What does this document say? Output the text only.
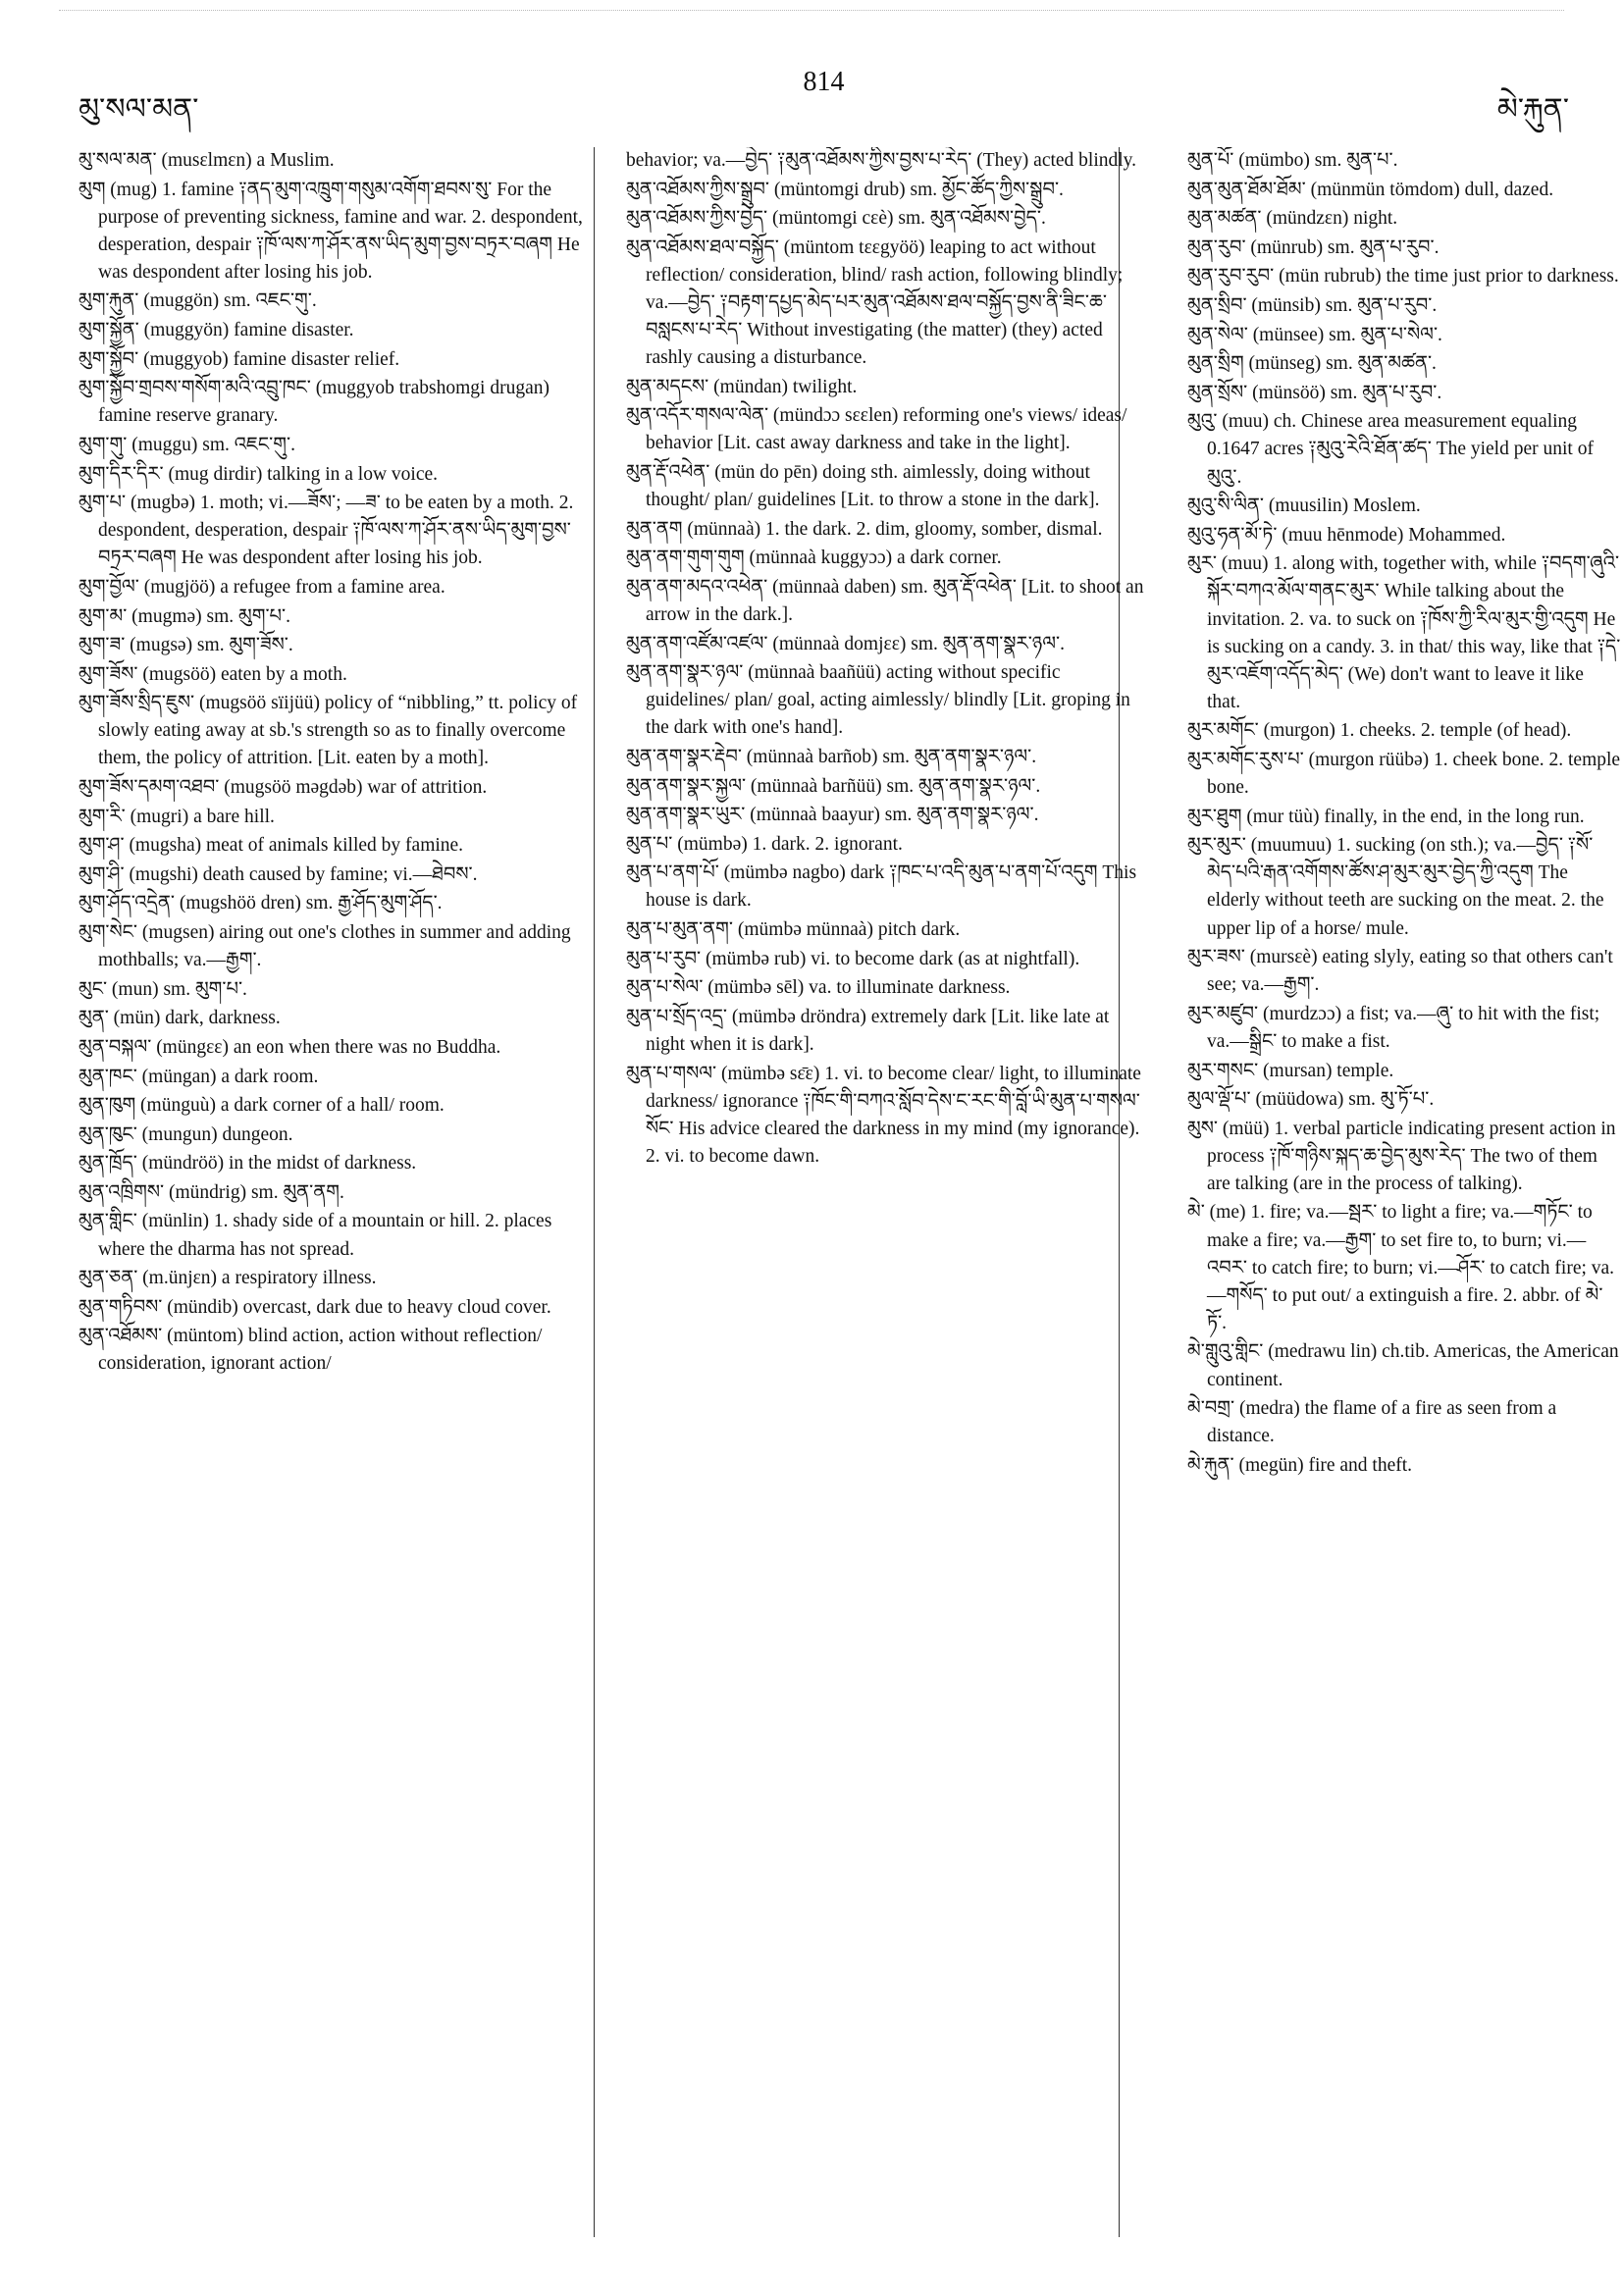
མུ་སལ་མན་
814
མེ་རྐུན་

མུ་སལ་མན་ (musɛlmɛn) a Muslim.

མུག (mug) 1. famine ༑ནད་མུག་འཁྲུག་གསུམ་འགོག་ཐབས་སུ་ For the purpose of preventing sickness, famine and war. 2. despondent, desperation, despair ༑ཁོ་ལས་ཀ་ཤོར་ནས་ཡིད་མུག་བྱས་བཏྲར་བཞག He was despondent after losing his job.

མུག་རྐུན་ (muggön) sm. འཇང་གུ་.

མུག་སྐྱོན་ (muggyön) famine disaster.

མུག་སྐྱོབ་ (muggyob) famine disaster relief.

མུག་སྐྱོབ་གྲབས་གསོག་མའི་འབྲུ་ཁང་ (muggyob trabshomgi drugan) famine reserve granary.

མུག་གུ་ (muggu) sm. འཇང་གུ་.

མུག་དིར་དིར་ (mug dirdir) talking in a low voice.

མུག་པ་ (mugbə) 1. moth; vi.—ཟོས་; —ཟ་ to be eaten by a moth. 2. despondent, desperation, despair ༑ཁོ་ལས་ཀ་ཤོར་ནས་ཡིད་མུག་བྱས་བཏྲར་བཞག He was despondent after losing his job.

མུག་བྱོལ་ (mugjöö) a refugee from a famine area.

མུག་མ་ (mugmə) sm. མུག་པ་.

མུག་ཟ་ (mugsə) sm. མུག་ཟོས་.

མུག་ཟོས་ (mugsöö) eaten by a moth.

མུག་ཟོས་སྲིད་ཇུས་ (mugsöö sïijüü) policy of “nibbling,” tt. policy of slowly eating away at sb.'s strength so as to finally overcome them, the policy of attrition. [Lit. eaten by a moth].

མུག་ཟོས་དམག་འཐབ་ (mugsöö məgdəb) war of attrition.

མུག་རི་ (mugri) a bare hill.

མུག་ཤ་ (mugsha) meat of animals killed by famine.

མུག་ཤི་ (mugshi) death caused by famine; vi.—ཐེབས་.

མུག་ཤོད་འདྲེན་ (mugshöö dren) sm. རྒྱ་ཤོད་མུག་ཤོད་.

མུག་སེང་ (mugsen) airing out one's clothes in summer and adding mothballs; va.—རྒྱག་.

མུང་ (mun) sm. མུག་པ་.

མུན་ (mün) dark, darkness.

མུན་བསྐལ་ (müngɛɛ) an eon when there was no Buddha.

མུན་ཁང་ (müngan) a dark room.

མུན་ཁུག (münguù) a dark corner of a hall/ room.

མུན་ཁུང་ (mungun) dungeon.

མུན་ཁྲོད་ (mündröö) in the midst of darkness.

མུན་འཁྲིགས་ (mündrig) sm. མུན་ནག.

མུན་གླིང་ (münlin) 1. shady side of a mountain or hill. 2. places where the dharma has not spread.

མུན་ཅན་ (m.ünjɛn) a respiratory illness.

མུན་གཏིབས་ (mündib) overcast, dark due to heavy cloud cover.

མུན་འཐོམས་ (müntom) blind action, action without reflection/ consideration, ignorant action/

behavior; va.—བྱེད་ ༑མུན་འཐོམས་ཀྱིས་བྱས་པ་རེད་ (They) acted blindly.

མུན་འཐོམས་ཀྱིས་སྒྲུབ་ (müntomgi drub) sm. མྱོང་ཚོད་ཀྱིས་སྒྲུབ་.

མུན་འཐོམས་ཀྱིས་བྱེད་ (müntomgi cɛè) sm. མུན་འཐོམས་བྱེད་.

མུན་འཐོམས་ཐལ་བསྐྱོད་ (müntom tɛɛgyöö) leaping to act without reflection/ consideration, blind/ rash action, following blindly; va.—བྱེད་ ༑བརྟག་དཔྱད་མེད་པར་མུན་འཐོམས་ཐལ་བསྐྱོད་བྱས་ནི་ཟིང་ཆ་བསླངས་པ་རེད་ Without investigating (the matter) (they) acted rashly causing a disturbance.

མུན་མདངས་ (mündan) twilight.

མུན་འདོར་གསལ་ལེན་ (mündɔɔ sɛɛlen) reforming one's views/ ideas/ behavior [Lit. cast away darkness and take in the light].

མུན་རྡོ་འཕེན་ (mün do pēn) doing sth. aimlessly, doing without thought/ plan/ guidelines [Lit. to throw a stone in the dark].

མུན་ནག (münnaà) 1. the dark. 2. dim, gloomy, somber, dismal.

མུན་ནག་གུག་གུག (münnaà kuggyɔɔ) a dark corner.

མུན་ནག་མདའ་འཕེན་ (münnaà daben) sm. མུན་རྡོ་འཕེན་ [Lit. to shoot an arrow in the dark.].

མུན་ནག་འཛོམ་འཛལ་ (münnaà domjɛɛ) sm. མུན་ནག་སྣར་ཉལ་.

མུན་ནག་སྣར་ཉལ་ (münnaà baañüü) acting without specific guidelines/ plan/ goal, acting aimlessly/ blindly [Lit. groping in the dark with one's hand].

མུན་ནག་སྣར་རྡེབ་ (münnaà barñob) sm. མུན་ནག་སྣར་ཉལ་.

མུན་ནག་སྣར་སྐྱལ་ (münnaà barñüü) sm. མུན་ནག་སྣར་ཉལ་.

མུན་ནག་སྣར་ཡུར་ (münnaà baayur) sm. མུན་ནག་སྣར་ཉལ་.

མུན་པ་ (mümbə) 1. dark. 2. ignorant.

མུན་པ་ནག་པོ་ (mümbə nagbo) dark ༑ཁང་པ་འདི་མུན་པ་ནག་པོ་འདུག This house is dark.

མུན་པ་མུན་ནག་ (mümbə münnaà) pitch dark.

མུན་པ་རུབ་ (mümbə rub) vi. to become dark (as at nightfall).

མུན་པ་སེལ་ (mümbə sēl) va. to illuminate darkness.

མུན་པ་སྲོད་འདྲ་ (mümbə dröndra) extremely dark [Lit. like late at night when it is dark].

མུན་པ་གསལ་ (mümbə sɛ̄ɛ) 1. vi. to become clear/ light, to illuminate darkness/ ignorance ༑ཁོང་གི་བཀའ་སློབ་དེས་ང་རང་གི་བློ་ཡི་མུན་པ་གསལ་སོང་ His advice cleared the darkness in my mind (my ignorance). 2. vi. to become dawn.

མུན་པོ་ (mümbo) sm. མུན་པ་.

མུན་མུན་ཐོམ་ཐོམ་ (münmün tömdom) dull, dazed.

མུན་མཚན་ (mündzɛn) night.

མུན་རུབ་ (münrub) sm. མུན་པ་རུབ་.

མུན་རུབ་རུབ་ (mün rubrub) the time just prior to darkness.

མུན་སྲིབ་ (münsib) sm. མུན་པ་རུབ་.

མུན་སེལ་ (münsee) sm. མུན་པ་སེལ་.

མུན་སྲིག (münseg) sm. མུན་མཚན་.

མུན་སྲོས་ (münsöö) sm. མུན་པ་རུབ་.

མུའུ་ (muu) ch. Chinese area measurement equaling 0.1647 acres ༑མུའུ་རེའི་ཐོན་ཚད་ The yield per unit of མུའུ་.

མུའུ་སི་ལིན་ (muusilin) Moslem.

མུའུ་ཧན་མོ་ཏེ་ (muu hēnmode) Mohammed.

མུར་ (muu) 1. along with, together with, while ༑བདག་ཞུའི་སྐོར་བཀའ་མོལ་གནང་མུར་ While talking about the invitation. 2. va. to suck on ༑ཁོས་ཀྱི་རིལ་མུར་གྱི་འདུག He is sucking on a candy. 3. in that/ this way, like that ༑དེ་མུར་འཇོག་འདོད་མེད་ (We) don't want to leave it like that.

མུར་མགོང་ (murgon) 1. cheeks. 2. temple (of head).

མུར་མགོང་རུས་པ་ (murgon rüübə) 1. cheek bone. 2. temple bone.

མུར་ཐུག (mur tüù) finally, in the end, in the long run.

མུར་མུར་ (muumuu) 1. sucking (on sth.); va.—བྱེད་ ༑སོ་མེད་པའི་རྒན་འགོགས་ཚོས་ཤ་མུར་མུར་བྱེད་ཀྱི་འདུག The elderly without teeth are sucking on the meat. 2. the upper lip of a horse/ mule.

མུར་ཟས་ (mursɛè) eating slyly, eating so that others can't see; va.—རྒྱག་.

མུར་མཛུབ་ (murdzɔɔ) a fist; va.—ཞུ་ to hit with the fist; va.—སྒྲིང་ to make a fist.

མུར་གསང་ (mursan) temple.

མུལ་ལྡོ་པ་ (müüdowa) sm. མུ་ཏོ་པ་.

མུས་ (müü) 1. verbal particle indicating present action in process ༑ཁོ་གཉིས་སྐད་ཆ་བྱེད་མུས་རེད་ The two of them are talking (are in the process of talking).

མེ་ (me) 1. fire; va.—སྦར་ to light a fire; va.—གཏོང་ to make a fire; va.—རྒྱག་ to set fire to, to burn; vi.—འབར་ to catch fire; to burn; vi.—ཤོར་ to catch fire; va.—གསོད་ to put out/ a extinguish a fire. 2. abbr. of མེ་ཏོ་.

མེ་གླུའུ་གླིང་ (medrawu lin) ch.tib. Americas, the American continent.

མེ་བགྲ་ (medra) the flame of a fire as seen from a distance.

མེ་རྐུན་ (megün) fire and theft.
